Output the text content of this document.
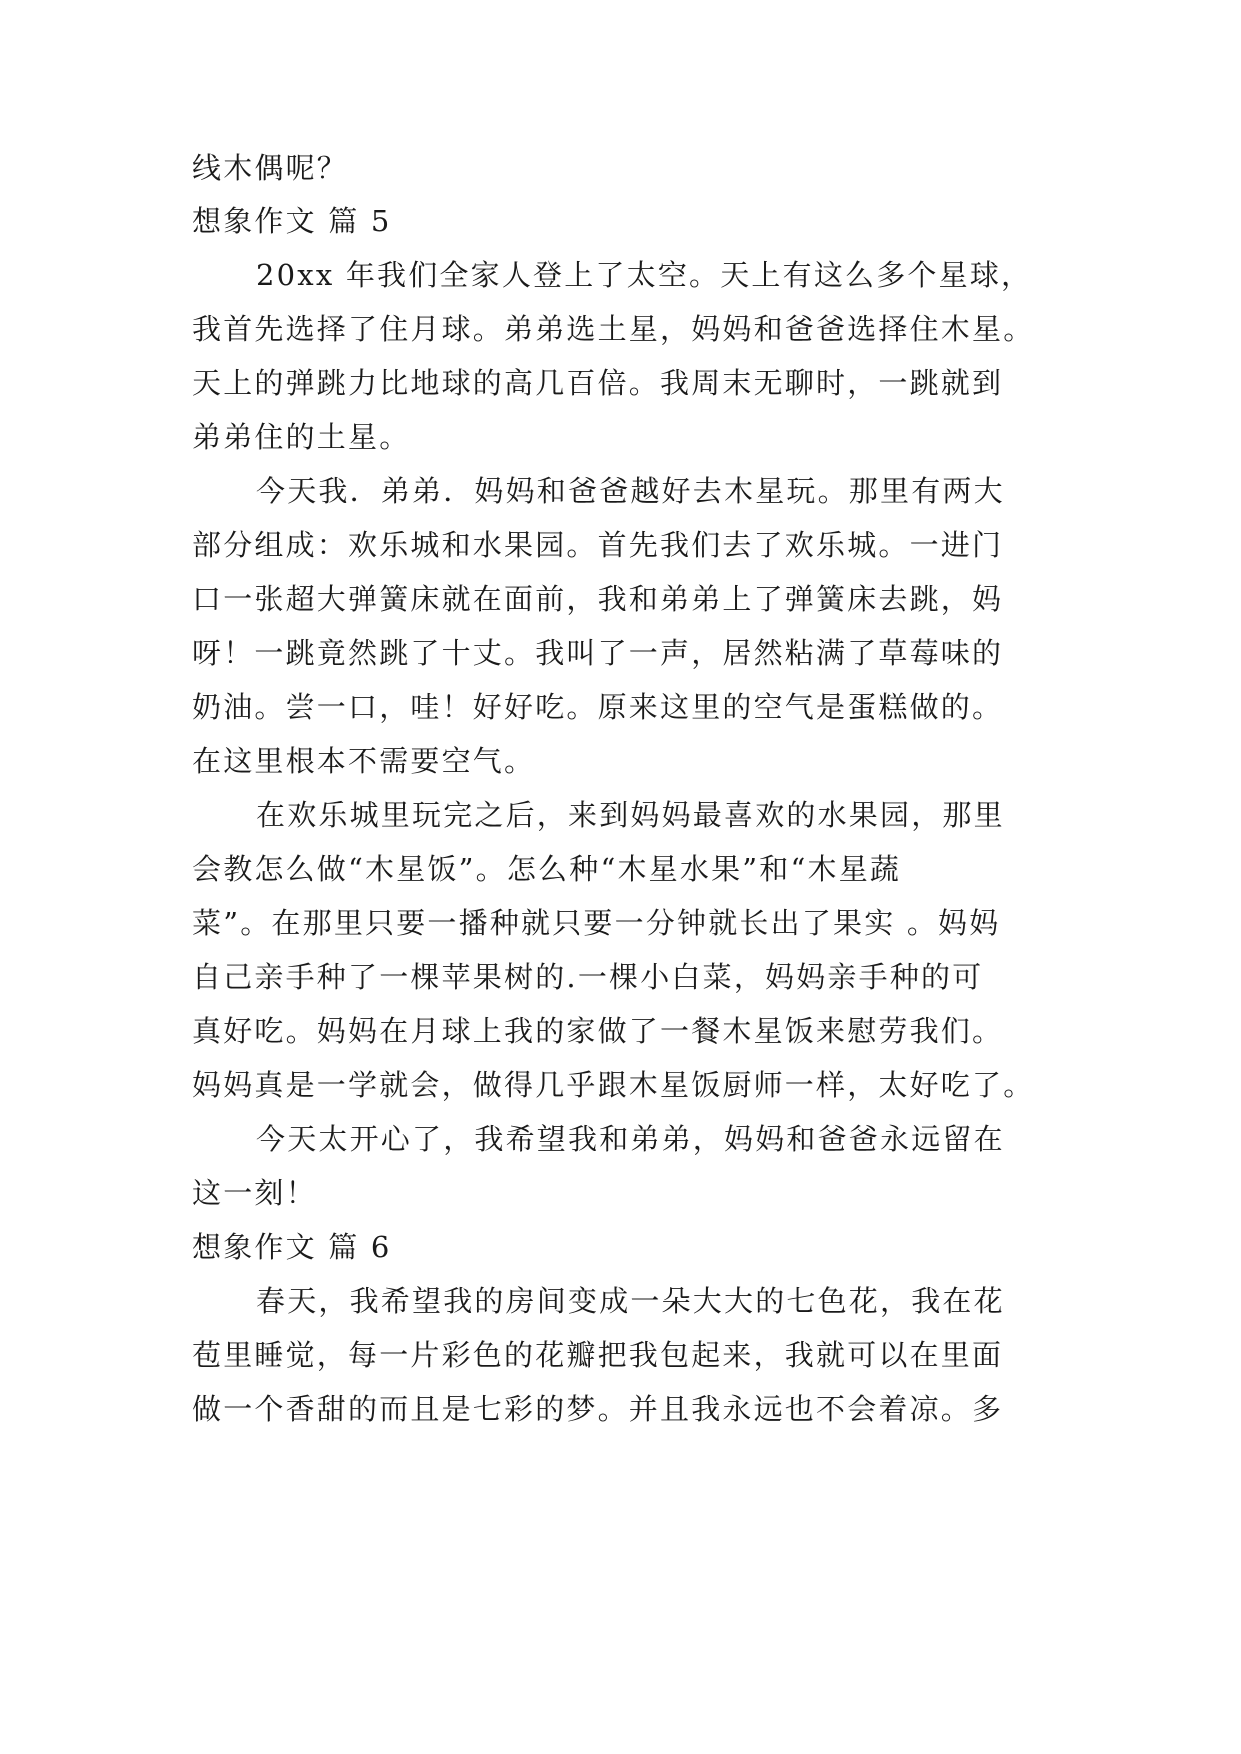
线木偶呢？
想象作文 篇 5
20xx 年我们全家人登上了太空。天上有这么多个星球，
我首先选择了住月球。弟弟选土星，妈妈和爸爸选择住木星。
天上的弹跳力比地球的高几百倍。我周末无聊时，一跳就到
弟弟住的土星。
今天我．弟弟．妈妈和爸爸越好去木星玩。那里有两大
部分组成：欢乐城和水果园。首先我们去了欢乐城。一进门
口一张超大弹簧床就在面前，我和弟弟上了弹簧床去跳，妈
呀！一跳竟然跳了十丈。我叫了一声，居然粘满了草莓味的
奶油。尝一口，哇！好好吃。原来这里的空气是蛋糕做的。
在这里根本不需要空气。
在欢乐城里玩完之后，来到妈妈最喜欢的水果园，那里
会教怎么做“木星饭”。怎么种“木星水果”和“木星蔬
菜”。在那里只要一播种就只要一分钟就长出了果实 。妈妈
自己亲手种了一棵苹果树的.一棵小白菜，妈妈亲手种的可
真好吃。妈妈在月球上我的家做了一餐木星饭来慰劳我们。
妈妈真是一学就会，做得几乎跟木星饭厨师一样，太好吃了。
今天太开心了，我希望我和弟弟，妈妈和爸爸永远留在
这一刻！
想象作文 篇 6
春天，我希望我的房间变成一朵大大的七色花，我在花
苞里睡觉，每一片彩色的花瓣把我包起来，我就可以在里面
做一个香甜的而且是七彩的梦。并且我永远也不会着凉。多
